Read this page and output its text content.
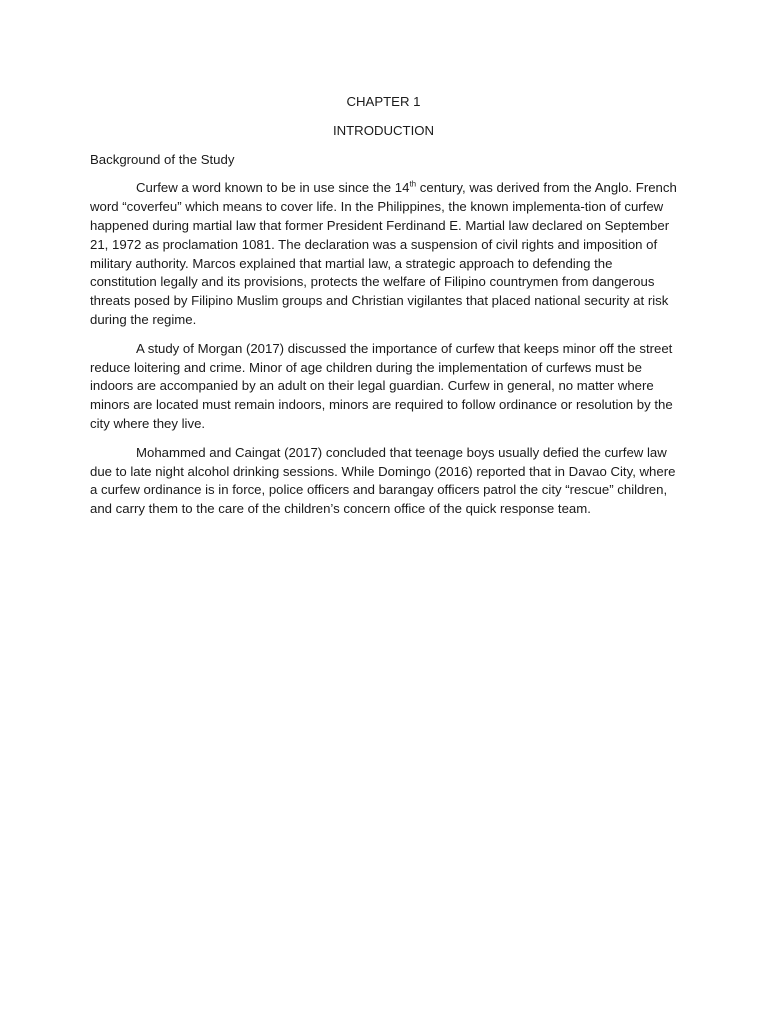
CHAPTER 1

INTRODUCTION

Background of the Study

Curfew a word known to be in use since the 14th century, was derived from the Anglo. French word “coverfeu” which means to cover life. In the Philippines, the known implementa-tion of curfew happened during martial law that former President Ferdinand E. Martial law declared on September 21, 1972 as proclamation 1081. The declaration was a suspension of civil rights and imposition of military authority. Marcos explained that martial law, a strategic approach to defending the constitution legally and its provisions, protects the welfare of Filipino countrymen from dangerous threats posed by Filipino Muslim groups and Christian vigilantes that placed national security at risk during the regime.

A study of Morgan (2017) discussed the importance of curfew that keeps minor off the street reduce loitering and crime. Minor of age children during the implementation of curfews must be indoors are accompanied by an adult on their legal guardian. Curfew in general, no matter where minors are located must remain indoors, minors are required to follow ordinance or resolution by the city where they live.

Mohammed and Caingat (2017) concluded that teenage boys usually defied the curfew law due to late night alcohol drinking sessions. While Domingo (2016) reported that in Davao City, where a curfew ordinance is in force, police officers and barangay officers patrol the city “rescue” children, and carry them to the care of the children’s concern office of the quick response team.
